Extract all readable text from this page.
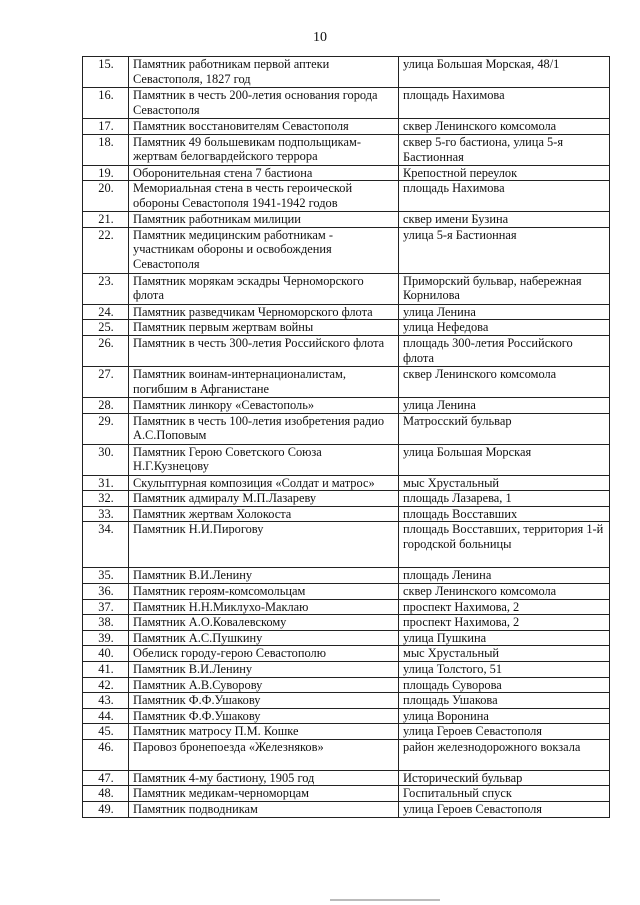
10
15.	Памятник работникам первой аптеки Севастополя, 1827 год	улица Большая Морская, 48/1
16.	Памятник в честь 200-летия основания города Севастополя	площадь Нахимова
17.	Памятник восстановителям Севастополя	сквер Ленинского комсомола
18.	Памятник 49 большевикам подпольщикам-жертвам белогвардейского террора	сквер 5-го бастиона, улица 5-я Бастионная
19.	Оборонительная стена 7 бастиона	Крепостной переулок
20.	Мемориальная стена в честь героической обороны Севастополя 1941-1942 годов	площадь Нахимова
21.	Памятник работникам милиции	сквер имени Бузина
22.	Памятник медицинским работникам - участникам обороны и освобождения Севастополя	улица 5-я Бастионная
23.	Памятник морякам эскадры Черноморского флота	Приморский бульвар, набережная Корнилова
24.	Памятник разведчикам Черноморского флота	улица Ленина
25.	Памятник первым жертвам войны	улица Нефедова
26.	Памятник в честь 300-летия Российского флота	площадь 300-летия Российского флота
27.	Памятник воинам-интернационалистам, погибшим в Афганистане	сквер Ленинского комсомола
28.	Памятник линкору «Севастополь»	улица Ленина
29.	Памятник в честь 100-летия изобретения радио А.С.Поповым	Матросский бульвар
30.	Памятник Герою Советского Союза Н.Г.Кузнецову	улица Большая Морская
31.	Скульптурная композиция «Солдат и матрос»	мыс Хрустальный
32.	Памятник адмиралу М.П.Лазареву	площадь Лазарева, 1
33.	Памятник жертвам Холокоста	площадь Восставших
34.	Памятник Н.И.Пирогову	площадь Восставших, территория 1-й городской больницы
35.	Памятник В.И.Ленину	площадь Ленина
36.	Памятник героям-комсомольцам	сквер Ленинского комсомола
37.	Памятник Н.Н.Миклухо-Маклаю	проспект Нахимова, 2
38.	Памятник А.О.Ковалевскому	проспект Нахимова, 2
39.	Памятник А.С.Пушкину	улица Пушкина
40.	Обелиск городу-герою Севастополю	мыс Хрустальный
41.	Памятник В.И.Ленину	улица Толстого, 51
42.	Памятник А.В.Суворову	площадь Суворова
43.	Памятник Ф.Ф.Ушакову	площадь Ушакова
44.	Памятник Ф.Ф.Ушакову	улица Воронина
45.	Памятник матросу П.М. Кошке	улица Героев Севастополя
46.	Паровоз бронепоезда «Железняков»	район железнодорожного вокзала
47.	Памятник 4-му бастиону, 1905 год	Исторический бульвар
48.	Памятник медикам-черноморцам	Госпитальный спуск
49.	Памятник подводникам	улица Героев Севастополя
